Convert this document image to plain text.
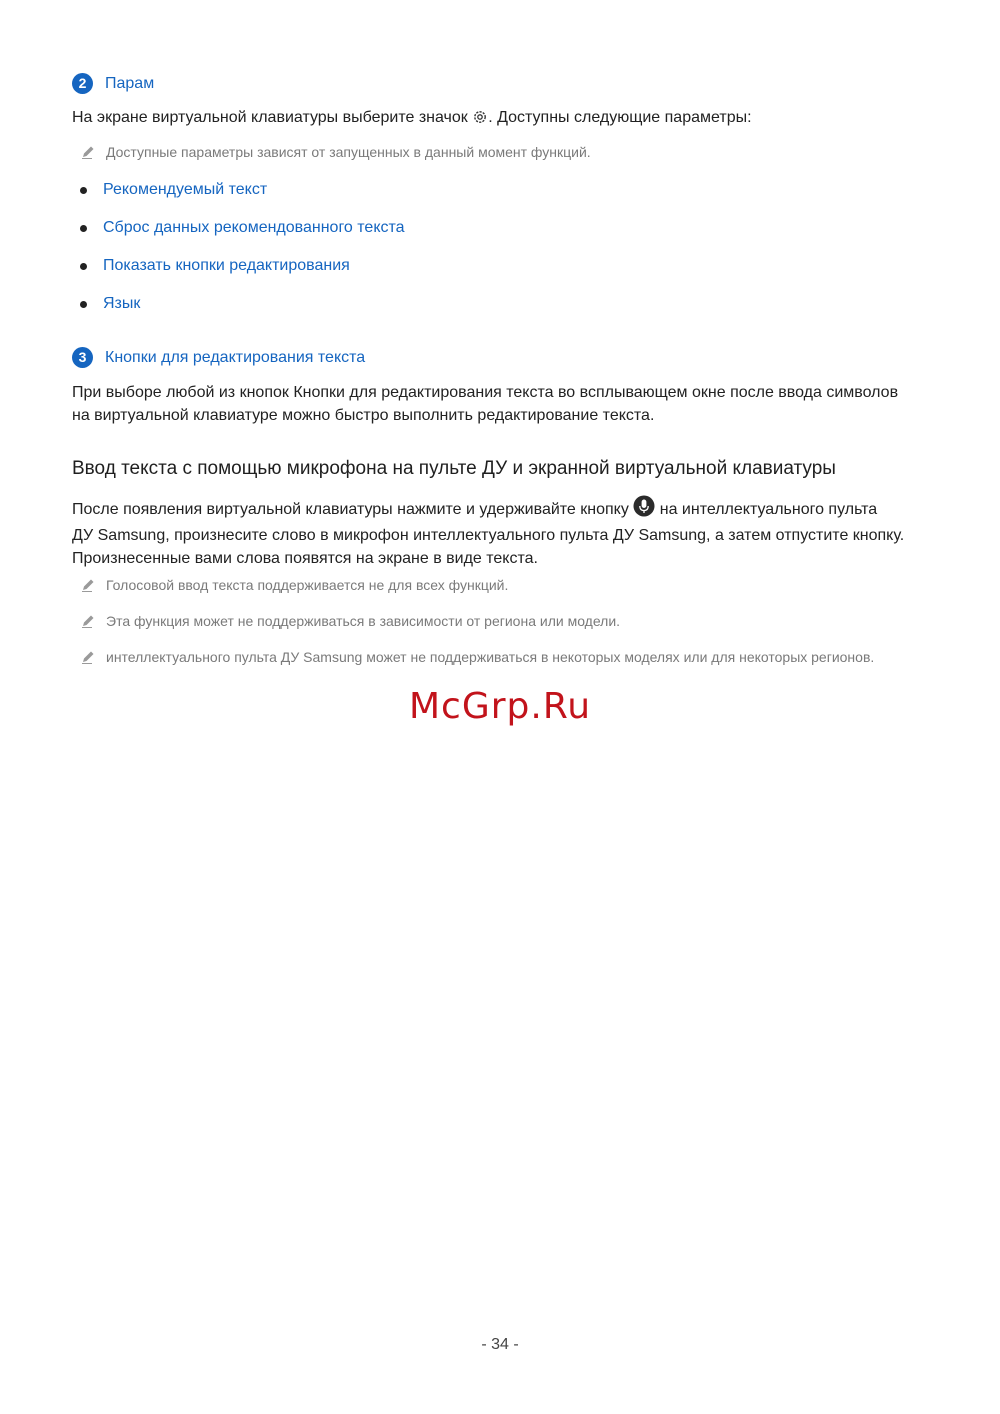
2	Парам
На экране виртуальной клавиатуры выберите значок . Доступны следующие параметры:
Доступные параметры зависят от запущенных в данный момент функций.
Рекомендуемый текст
Сброс данных рекомендованного текста
Показать кнопки редактирования
Язык
3	Кнопки для редактирования текста
При выборе любой из кнопок Кнопки для редактирования текста во всплывающем окне после ввода символов
на виртуальной клавиатуре можно быстро выполнить редактирование текста.
Ввод текста с помощью микрофона на пульте ДУ и экранной виртуальной клавиатуры
После появления виртуальной клавиатуры нажмите и удерживайте кнопку  на интеллектуального пульта
ДУ Samsung, произнесите слово в микрофон интеллектуального пульта ДУ Samsung, а затем отпустите кнопку.
Произнесенные вами слова появятся на экране в виде текста.
Голосовой ввод текста поддерживается не для всех функций.
Эта функция может не поддерживаться в зависимости от региона или модели.
интеллектуального пульта ДУ Samsung может не поддерживаться в некоторых моделях или для некоторых регионов.
McGrp.Ru
- 34 -
